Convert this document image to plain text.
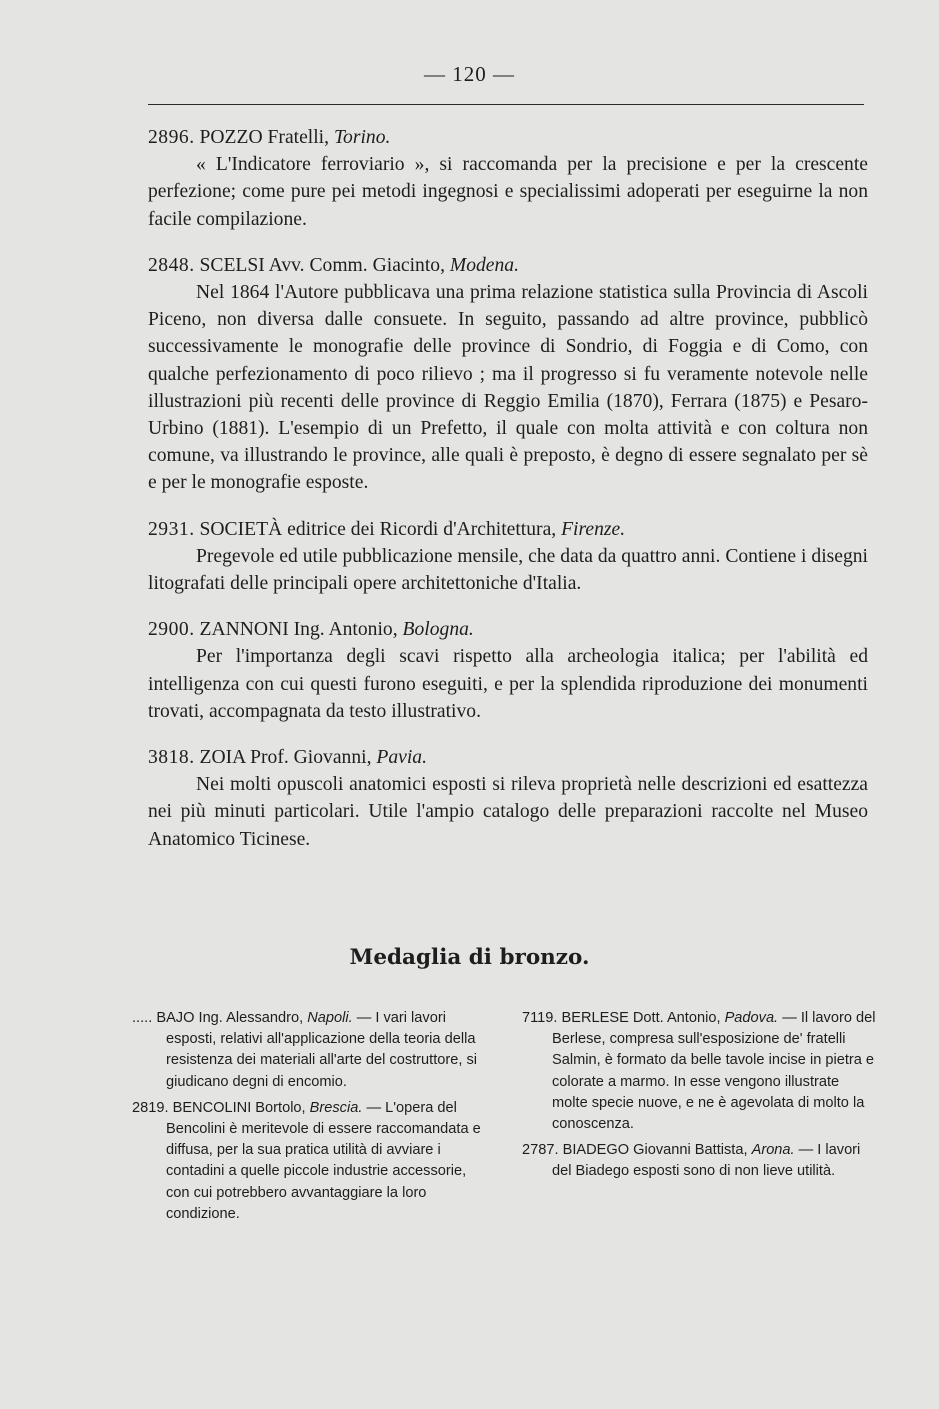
— 120 —

2896. POZZO Fratelli, Torino.

« L'Indicatore ferroviario », si raccomanda per la precisione e per la crescente perfezione; come pure pei metodi ingegnosi e specialissimi adoperati per eseguirne la non facile compilazione.

2848. SCELSI Avv. Comm. Giacinto, Modena.

Nel 1864 l'Autore pubblicava una prima relazione statistica sulla Provincia di Ascoli Piceno, non diversa dalle consuete. In seguito, passando ad altre province, pubblicò successivamente le monografie delle province di Sondrio, di Foggia e di Como, con qualche perfezionamento di poco rilievo ; ma il progresso si fu veramente notevole nelle illustrazioni più recenti delle province di Reggio Emilia (1870), Ferrara (1875) e Pesaro-Urbino (1881). L'esempio di un Prefetto, il quale con molta attività e con coltura non comune, va illustrando le province, alle quali è preposto, è degno di essere segnalato per sè e per le monografie esposte.

2931. SOCIETÀ editrice dei Ricordi d'Architettura, Firenze.

Pregevole ed utile pubblicazione mensile, che data da quattro anni. Contiene i disegni litografati delle principali opere architettoniche d'Italia.

2900. ZANNONI Ing. Antonio, Bologna.

Per l'importanza degli scavi rispetto alla archeologia italica; per l'abilità ed intelligenza con cui questi furono eseguiti, e per la splendida riproduzione dei monumenti trovati, accompagnata da testo illustrativo.

3818. ZOIA Prof. Giovanni, Pavia.

Nei molti opuscoli anatomici esposti si rileva proprietà nelle descrizioni ed esattezza nei più minuti particolari. Utile l'ampio catalogo delle preparazioni raccolte nel Museo Anatomico Ticinese.

Medaglia di bronzo.

..... BAJO Ing. Alessandro, Napoli. — I vari lavori esposti, relativi all'applicazione della teoria della resistenza dei materiali all'arte del costruttore, si giudicano degni di encomio.

2819. BENCOLINI Bortolo, Brescia. — L'opera del Bencolini è meritevole di essere raccomandata e diffusa, per la sua pratica utilità di avviare i contadini a quelle piccole industrie accessorie, con cui potrebbero avvantaggiare la loro condizione.

7119. BERLESE Dott. Antonio, Padova. — Il lavoro del Berlese, compresa sull'esposizione de' fratelli Salmin, è formato da belle tavole incise in pietra e colorate a marmo. In esse vengono illustrate molte specie nuove, e ne è agevolata di molto la conoscenza.

2787. BIADEGO Giovanni Battista, Arona. — I lavori del Biadego esposti sono di non lieve utilità.
